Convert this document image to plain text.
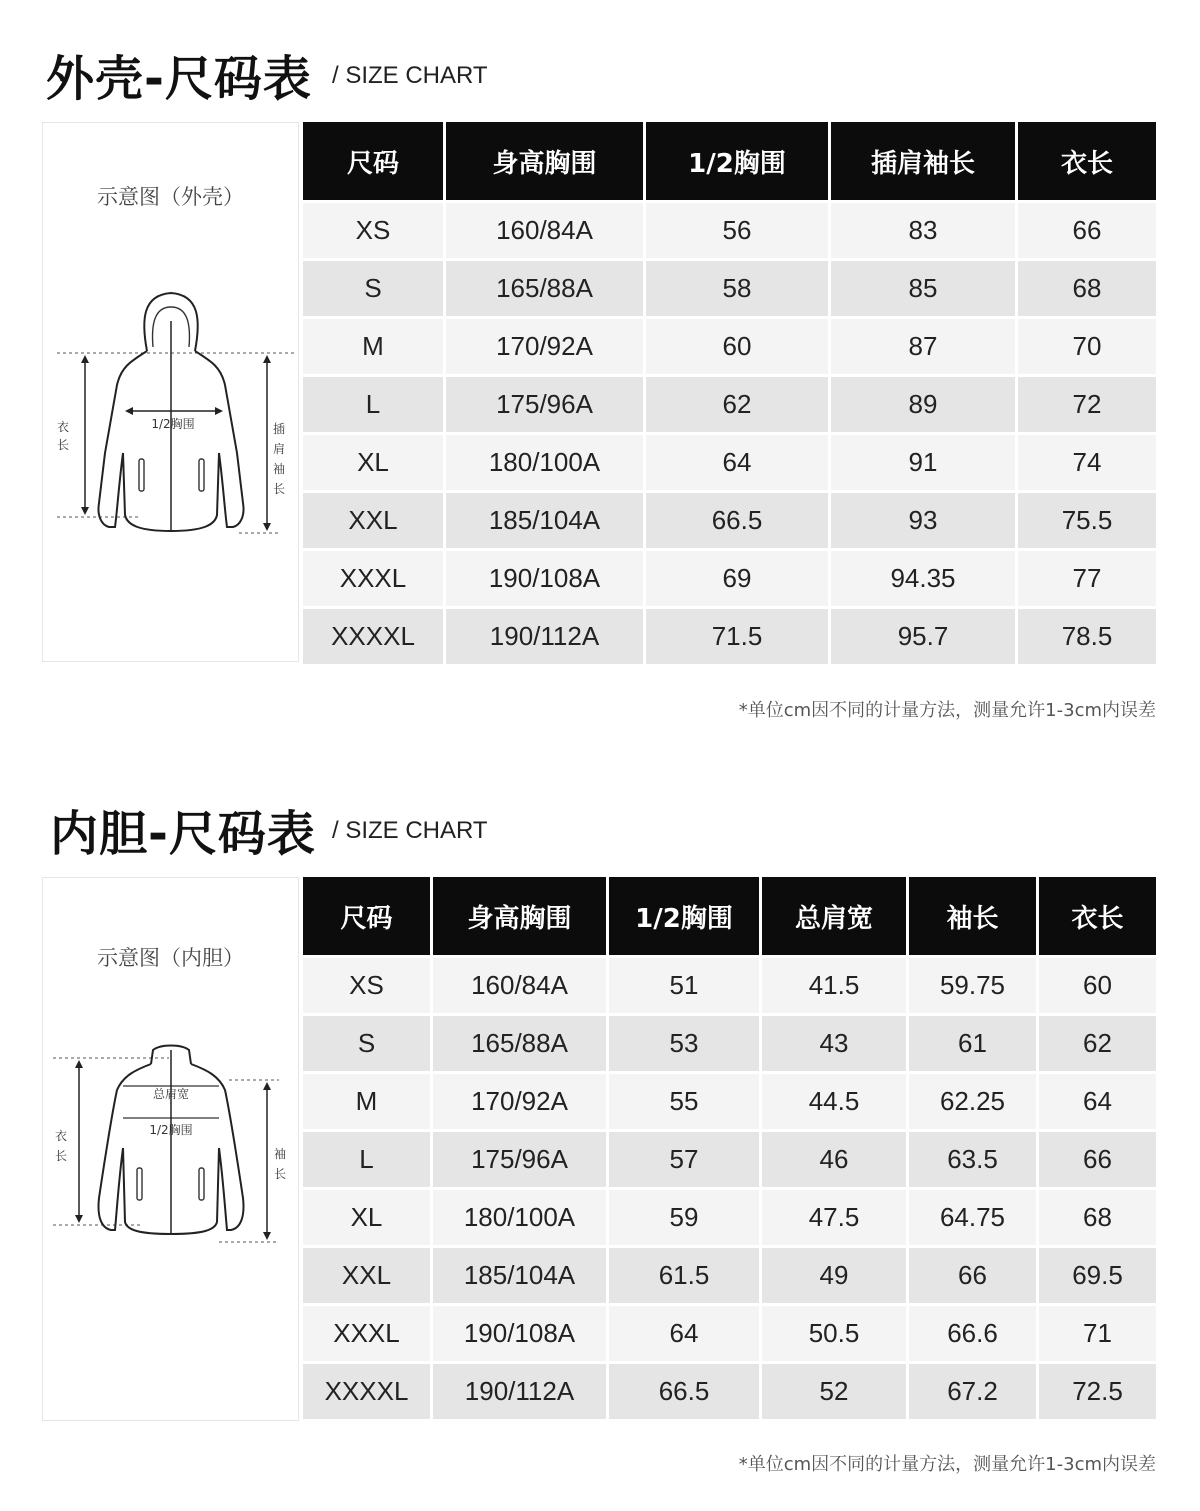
外壳-尺码表 / SIZE CHART
示意图（外壳）
1/2胸围
衣
长
插
肩
袖
长
尺码	身高胸围	1/2胸围	插肩袖长	衣长
XS	160/84A	56	83	66
S	165/88A	58	85	68
M	170/92A	60	87	70
L	175/96A	62	89	72
XL	180/100A	64	91	74
XXL	185/104A	66.5	93	75.5
XXXL	190/108A	69	94.35	77
XXXXL	190/112A	71.5	95.7	78.5
*单位cm因不同的计量方法，测量允许1-3cm内误差
内胆-尺码表 / SIZE CHART
示意图（内胆）
总肩宽
1/2胸围
衣
长	袖
长
尺码	身高胸围	1/2胸围	总肩宽	袖长	衣长
XS	160/84A	51	41.5	59.75	60
S	165/88A	53	43	61	62
M	170/92A	55	44.5	62.25	64
L	175/96A	57	46	63.5	66
XL	180/100A	59	47.5	64.75	68
XXL	185/104A	61.5	49	66	69.5
XXXL	190/108A	64	50.5	66.6	71
XXXXL	190/112A	66.5	52	67.2	72.5
*单位cm因不同的计量方法，测量允许1-3cm内误差
